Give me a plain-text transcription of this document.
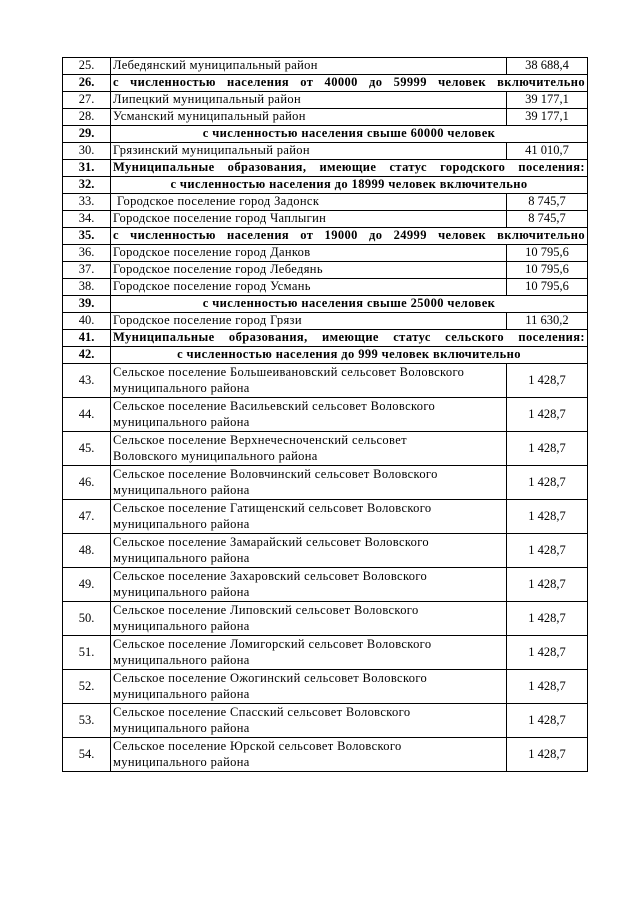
25.	Лебедянский муниципальный район	38 688,4
26.	с численностью населения от 40000 до 59999 человек включительно	
27.	Липецкий муниципальный район	39 177,1
28.	Усманский муниципальный район	39 177,1
29.	с численностью населения свыше 60000 человек	
30.	Грязинский муниципальный район	41 010,7
31.	Муниципальные образования, имеющие статус городского поселения:	
32.	с численностью населения до 18999 человек включительно	
33.	Городское поселение город Задонск	8 745,7
34.	Городское поселение город Чаплыгин	8 745,7
35.	с численностью населения от 19000 до 24999 человек включительно	
36.	Городское поселение город Данков	10 795,6
37.	Городское поселение город Лебедянь	10 795,6
38.	Городское поселение город Усмань	10 795,6
39.	с численностью населения свыше 25000 человек	
40.	Городское поселение город Грязи	11 630,2
41.	Муниципальные образования, имеющие статус сельского поселения:	
42.	с численностью населения до 999 человек включительно	
43.	Сельское поселение Большеивановский сельсовет Воловского
муниципального района	1 428,7
44.	Сельское поселение Васильевский сельсовет Воловского
муниципального района	1 428,7
45.	Сельское поселение Верхнечесночeнский сельсовет
Воловского муниципального района	1 428,7
46.	Сельское поселение Воловчинский сельсовет Воловского
муниципального района	1 428,7
47.	Сельское поселение Гатищенский сельсовет Воловского
муниципального района	1 428,7
48.	Сельское поселение Замарайский сельсовет Воловского
муниципального района	1 428,7
49.	Сельское поселение Захаровский сельсовет Воловского
муниципального района	1 428,7
50.	Сельское поселение Липовский сельсовет Воловского
муниципального района	1 428,7
51.	Сельское поселение Ломигорский сельсовет Воловского
муниципального района	1 428,7
52.	Сельское поселение Ожогинский сельсовет Воловского
муниципального района	1 428,7
53.	Сельское поселение Спасский сельсовет Воловского
муниципального района	1 428,7
54.	Сельское поселение Юрской сельсовет Воловского
муниципального района	1 428,7
